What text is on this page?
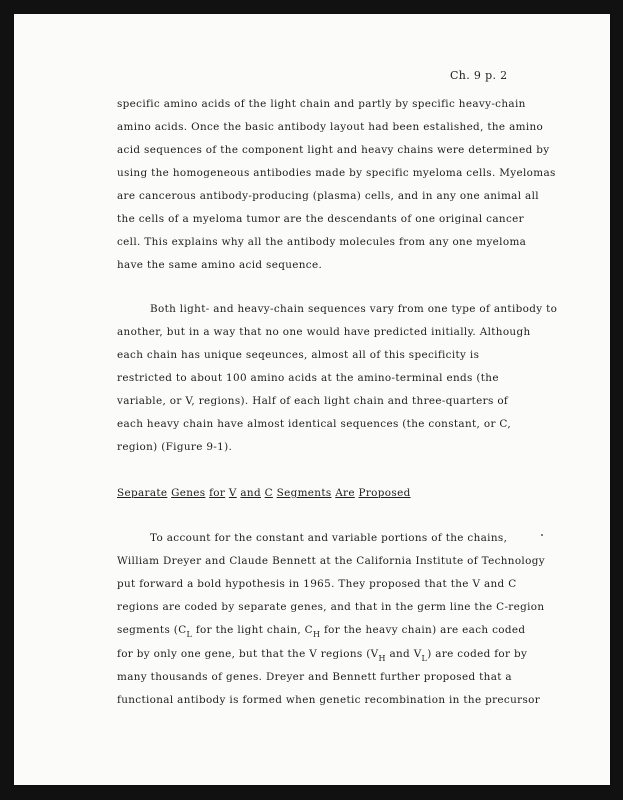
Ch. 9 p. 2
specific amino acids of the light chain and partly by specific heavy-chain
amino acids. Once the basic antibody layout had been estalished, the amino
acid sequences of the component light and heavy chains were determined by
using the homogeneous antibodies made by specific myeloma cells. Myelomas
are cancerous antibody-producing (plasma) cells, and in any one animal all
the cells of a myeloma tumor are the descendants of one original cancer
cell. This explains why all the antibody molecules from any one myeloma
have the same amino acid sequence.
Both light- and heavy-chain sequences vary from one type of antibody to
another, but in a way that no one would have predicted initially. Although
each chain has unique seqeunces, almost all of this specificity is
restricted to about 100 amino acids at the amino-terminal ends (the
variable, or V, regions). Half of each light chain and three-quarters of
each heavy chain have almost identical sequences (the constant, or C,
region) (Figure 9-1).
Separate Genes for V and C Segments Are Proposed
To account for the constant and variable portions of the chains,
William Dreyer and Claude Bennett at the California Institute of Technology
put forward a bold hypothesis in 1965. They proposed that the V and C
regions are coded by separate genes, and that in the germ line the C-region
segments ($C_L$ for the light chain, $C_H$ for the heavy chain) are each coded
for by only one gene, but that the V regions ($V_H$ and $V_L$) are coded for by
many thousands of genes. Dreyer and Bennett further proposed that a
functional antibody is formed when genetic recombination in the precursor
